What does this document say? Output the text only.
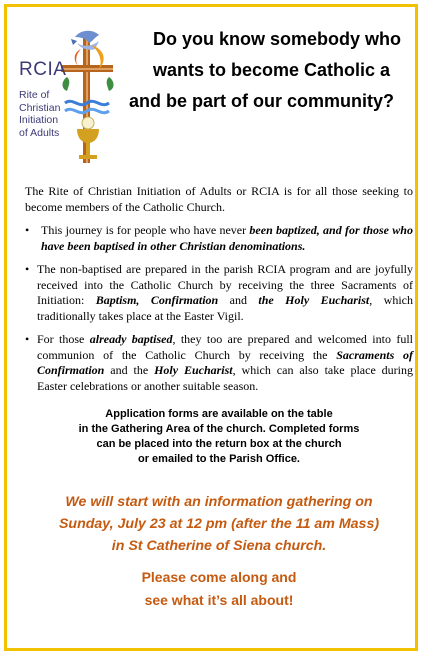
RCIA
Rite of
Christian
Initiation
of Adults
Do you know somebody who
wants to become Catholic a
and be part of our community?

The Rite of Christian Initiation of Adults or RCIA is for all those seeking to become members of the Catholic Church.

• This journey is for people who have never been baptized, and for those who have been baptised in other Christian denominations.

• The non-baptised are prepared in the parish RCIA program and are joyfully received into the Catholic Church by receiving the three Sacraments of Initiation: Baptism, Confirmation and the Holy Eucharist, which traditionally takes place at the Easter Vigil.

• For those already baptised, they too are prepared and welcomed into full communion of the Catholic Church by receiving the Sacraments of Confirmation and the Holy Eucharist, which can also take place during Easter celebrations or another suitable season.

Application forms are available on the table
in the Gathering Area of the church. Completed forms
can be placed into the return box at the church
or emailed to the Parish Office.
We will start with an information gathering on
Sunday, July 23 at 12 pm (after the 11 am Mass)
in St Catherine of Siena church.
Please come along and
see what it’s all about!
